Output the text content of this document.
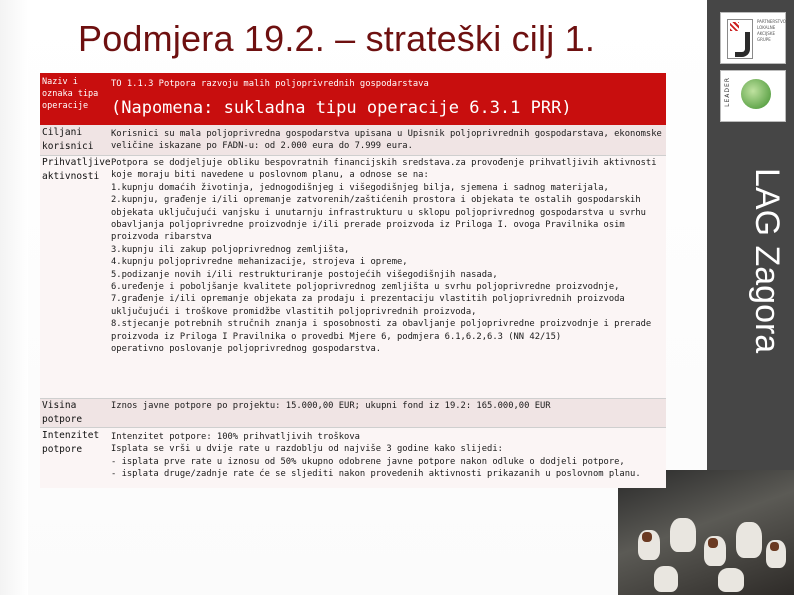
Podmjera 19.2. – strateški cilj 1.	PARTNERSTVO LOKALNE AKCIJSKE GRUPE
LEADER
LAG Zagora
Naziv i oznaka tipa operacije
TO 1.1.3 Potpora razvoju malih poljoprivrednih gospodarstava
(Napomena: sukladna tipu operacije 6.3.1 PRR)
Ciljani korisnici
Korisnici su mala poljoprivredna gospodarstva upisana u Upisnik poljoprivrednih gospodarstava, ekonomske veličine iskazane po FADN-u: od 2.000 eura do 7.999 eura.
Prihvatljive aktivnosti
Potpora se dodjeljuje obliku bespovratnih financijskih sredstava.za provođenje prihvatljivih aktivnosti koje moraju biti navedene u poslovnom planu, a odnose se na:
1.kupnju domaćih životinja, jednogodišnjeg i višegodišnjeg bilja, sjemena i sadnog materijala,
2.kupnju, građenje i/ili opremanje zatvorenih/zaštićenih prostora i objekata te ostalih gospodarskih objekata uključujući vanjsku i unutarnju infrastrukturu u sklopu poljoprivrednog gospodarstva u svrhu obavljanja poljoprivredne proizvodnje i/ili prerade proizvoda iz Priloga I. ovoga Pravilnika osim proizvoda ribarstva
3.kupnju ili zakup poljoprivrednog zemljišta,
4.kupnju poljoprivredne mehanizacije, strojeva i opreme,
5.podizanje novih i/ili restrukturiranje postojećih višegodišnjih nasada,
6.uređenje i poboljšanje kvalitete poljoprivrednog zemljišta u svrhu poljoprivredne proizvodnje,
7.građenje i/ili opremanje objekata za prodaju i prezentaciju vlastitih poljoprivrednih proizvoda uključujući i troškove promidžbe vlastitih poljoprivrednih proizvoda,
8.stjecanje potrebnih stručnih znanja i sposobnosti za obavljanje poljoprivredne proizvodnje i prerade proizvoda iz Priloga I Pravilnika o provedbi Mjere 6, podmjera 6.1,6.2,6.3 (NN 42/15)
operativno poslovanje poljoprivrednog gospodarstva.
Visina potpore
Iznos javne potpore po projektu: 15.000,00 EUR; ukupni fond iz 19.2: 165.000,00 EUR
Intenzitet potpore
Intenzitet potpore: 100% prihvatljivih troškova
Isplata se vrši u dvije rate u razdoblju od najviše 3 godine kako slijedi:
- isplata prve rate u iznosu od 50% ukupno odobrene javne potpore nakon odluke o dodjeli potpore,
- isplata druge/zadnje rate će se sljediti nakon provedenih aktivnosti prikazanih u poslovnom planu.
